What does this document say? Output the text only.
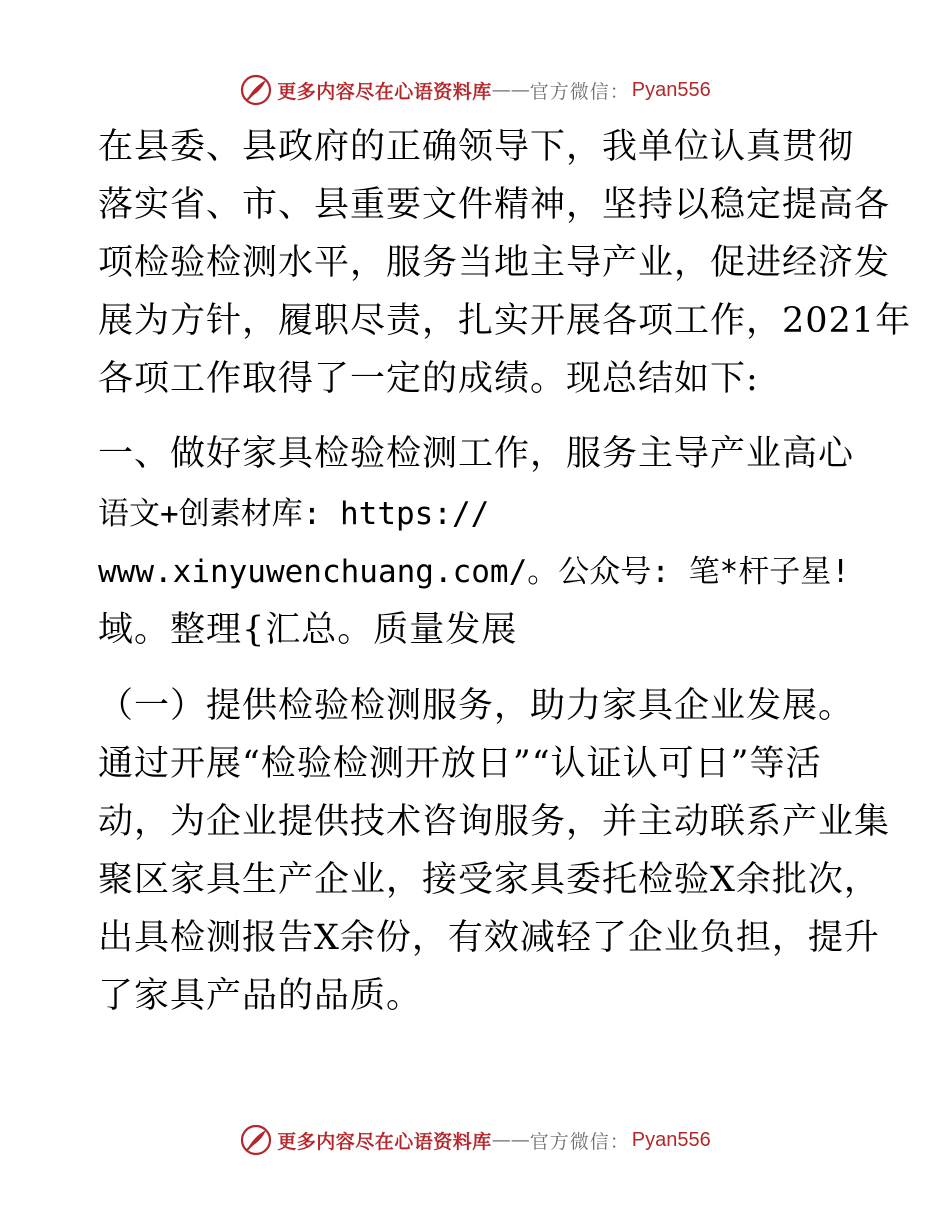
更多内容尽在心语资料库 —— 官方微信： Pyan556
在县委、县政府的正确领导下，我单位认真贯彻
落实省、市、县重要文件精神，坚持以稳定提高各
项检验检测水平，服务当地主导产业，促进经济发
展为方针，履职尽责，扎实开展各项工作，2021年
各项工作取得了一定的成绩。现总结如下:
一、做好家具检验检测工作，服务主导产业高心
语文+创素材库: https://
www.xinyuwenchuang.com/。公众号: 笔*杆子星!
域。整理{汇总。质量发展
（一）提供检验检测服务，助力家具企业发展。
通过开展“检验检测开放日”“认证认可日”等活
动，为企业提供技术咨询服务，并主动联系产业集
聚区家具生产企业，接受家具委托检验X余批次，
出具检测报告X余份，有效减轻了企业负担，提升
了家具产品的品质。
更多内容尽在心语资料库 —— 官方微信： Pyan556
